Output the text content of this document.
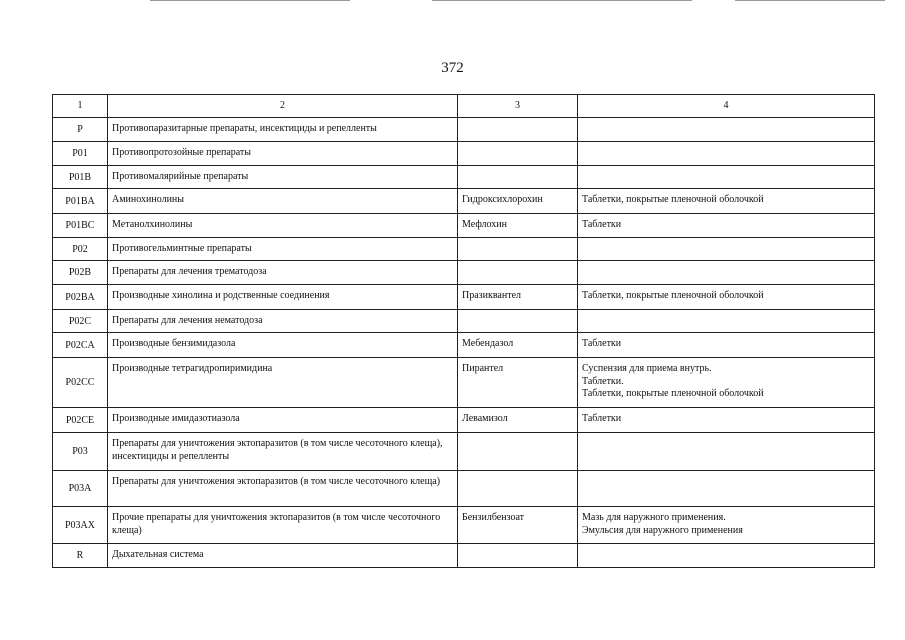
372
1	2	3	4
P	Противопаразитарные препараты, инсектициды и репелленты		
P01	Противопротозойные препараты		
P01B	Противомалярийные препараты		
P01BA	Аминохинолины	Гидроксихлорохин	Таблетки, покрытые пленочной оболочкой

P01BC	Метанолхинолины	Мефлохин	Таблетки

P02	Противогельминтные препараты		
P02B	Препараты для лечения трематодоза		
P02BA	Производные хинолина и родственные соединения	Празиквантел	Таблетки, покрытые пленочной оболочкой

P02C	Препараты для лечения нематодоза		
P02CA	Производные бензимидазола	Мебендазол	Таблетки

P02CC	Производные тетрагидропиримидина	Пирантел	Суспензия для приема внутрь.
Таблетки.
Таблетки, покрытые пленочной оболочкой

P02CE	Производные имидазотиазола	Левамизол	Таблетки

P03	Препараты для уничтожения эктопаразитов (в том числе чесоточного клеща), инсектициды и репелленты		
P03A	Препараты для уничтожения эктопаразитов (в том числе чесоточного клеща)		
P03AX	Прочие препараты для уничтожения эктопаразитов (в том числе чесоточного клеща)	Бензилбензоат	Мазь для наружного применения.
Эмульсия для наружного применения

R	Дыхательная система		
